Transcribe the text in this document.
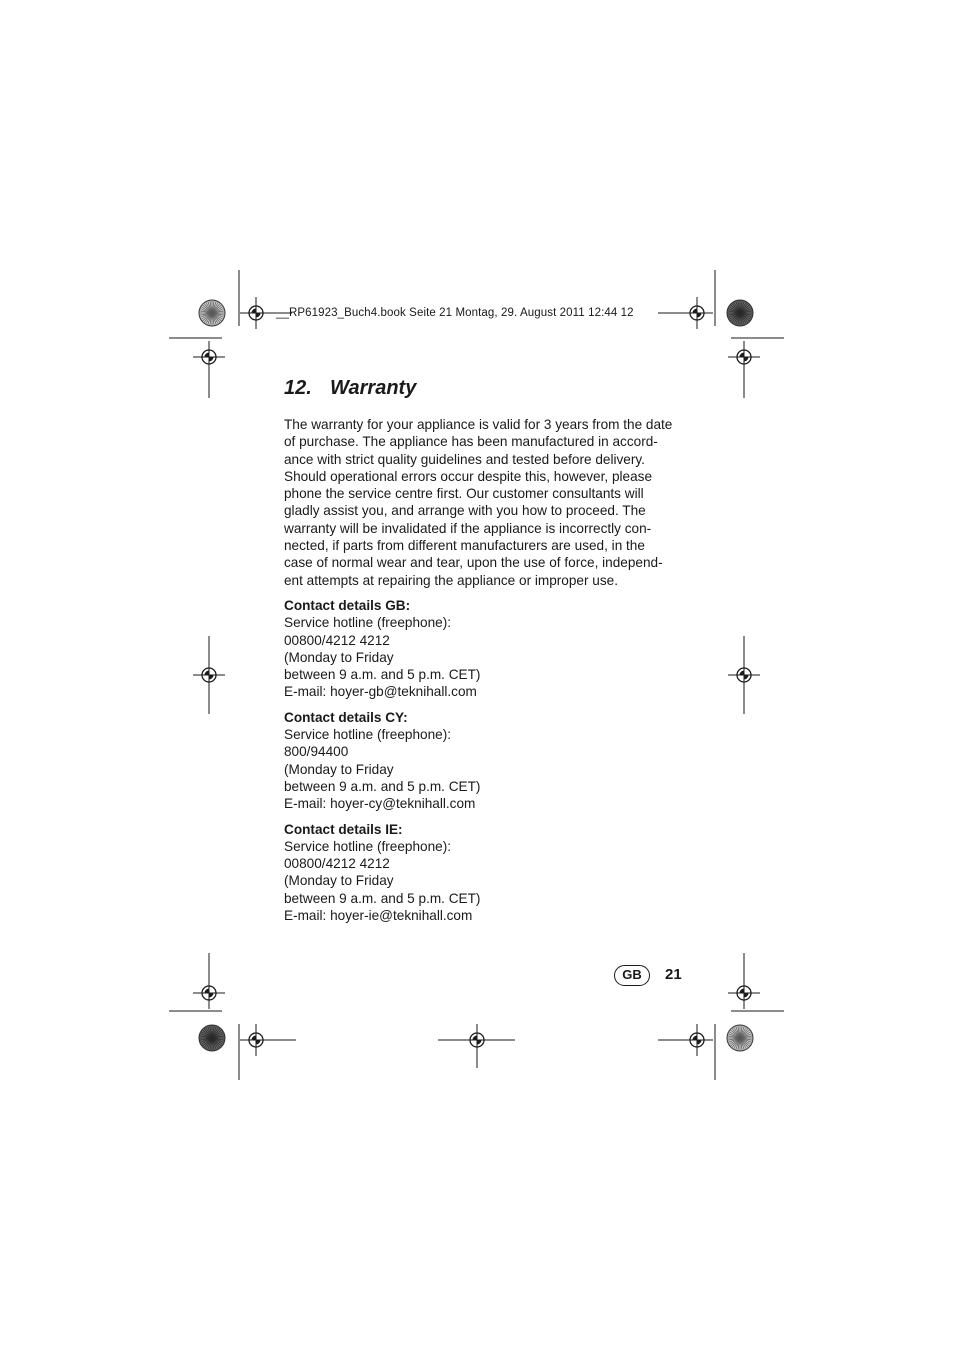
__RP61923_Buch4.book Seite 21 Montag, 29. August 2011 12:44 12
12. Warranty
The warranty for your appliance is valid for 3 years from the date
of purchase. The appliance has been manufactured in accord-
ance with strict quality guidelines and tested before delivery.
Should operational errors occur despite this, however, please
phone the service centre first. Our customer consultants will
gladly assist you, and arrange with you how to proceed. The
warranty will be invalidated if the appliance is incorrectly con-
nected, if parts from different manufacturers are used, in the
case of normal wear and tear, upon the use of force, independ-
ent attempts at repairing the appliance or improper use.
Contact details GB:
Service hotline (freephone):
00800/4212 4212
(Monday to Friday
between 9 a.m. and 5 p.m. CET)
E-mail: hoyer-gb@teknihall.com
Contact details CY:
Service hotline (freephone):
800/94400
(Monday to Friday
between 9 a.m. and 5 p.m. CET)
E-mail: hoyer-cy@teknihall.com
Contact details IE:
Service hotline (freephone):
00800/4212 4212
(Monday to Friday
between 9 a.m. and 5 p.m. CET)
E-mail: hoyer-ie@teknihall.com
GB	21
